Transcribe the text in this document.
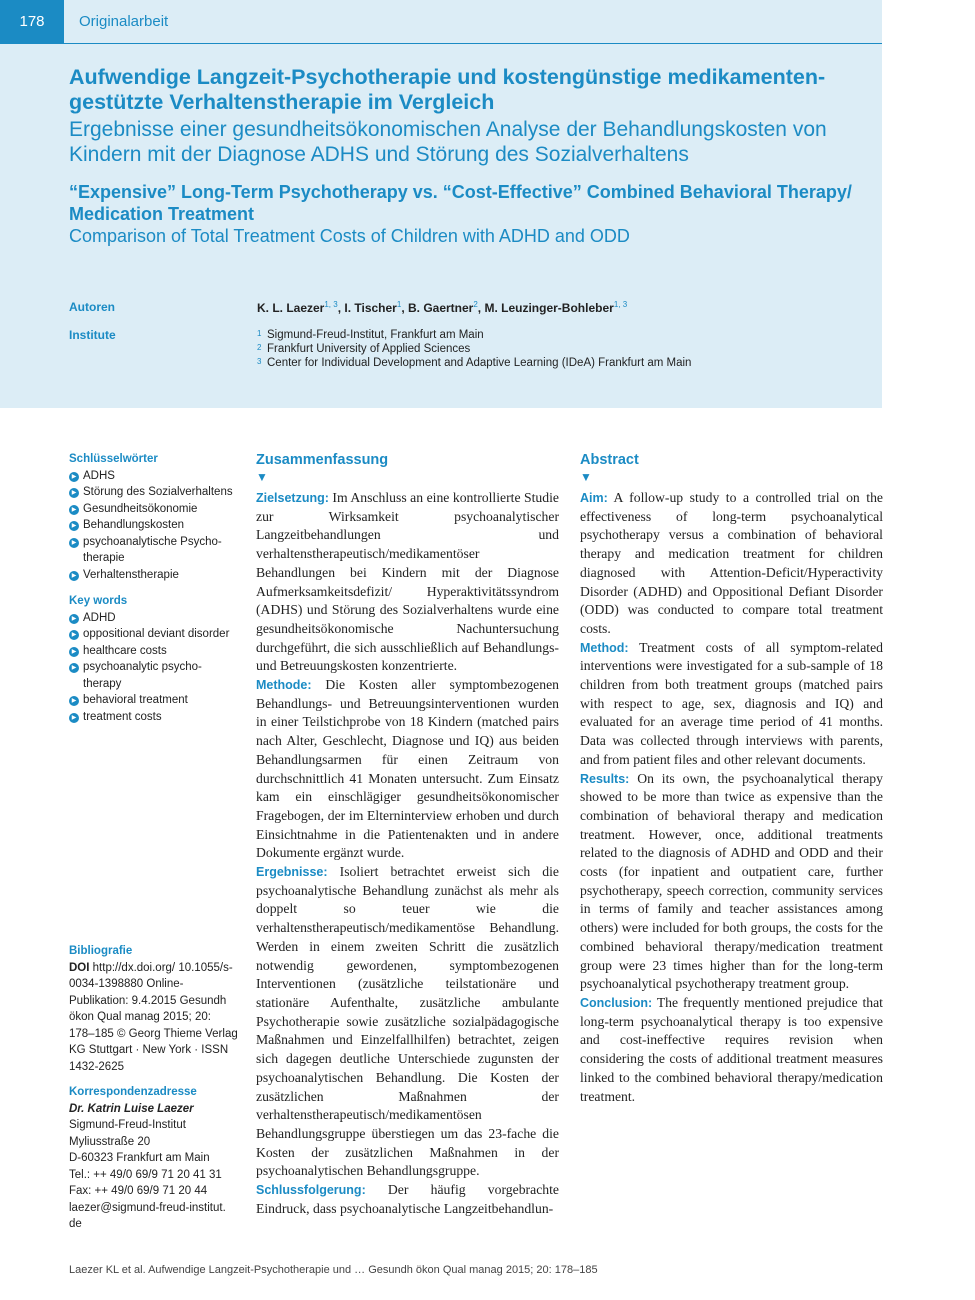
178	Originalarbeit
Aufwendige Langzeit-Psychotherapie und kostengünstige medikamenten-gestützte Verhaltenstherapie im Vergleich
Ergebnisse einer gesundheitsökonomischen Analyse der Behandlungskosten von Kindern mit der Diagnose ADHS und Störung des Sozialverhaltens
“Expensive” Long-Term Psychotherapy vs. “Cost-Effective” Combined Behavioral Therapy/ Medication Treatment
Comparison of Total Treatment Costs of Children with ADHD and ODD
Autoren	K. L. Laezer$^{1, 3}$, I. Tischer$^1$, B. Gaertner$^2$, M. Leuzinger-Bohleber$^{1, 3}$
Institute	1 Sigmund-Freud-Institut, Frankfurt am Main
2 Frankfurt University of Applied Sciences
3 Center for Individual Development and Adaptive Learning (IDeA) Frankfurt am Main
Schlüsselwörter
▶
ADHS
▶
Störung des Sozialverhaltens
▶
Gesundheitsökonomie
▶
Behandlungskosten
▶
psychoanalytische Psycho-therapie
▶
Verhaltenstherapie
Key words
▶
ADHD
▶
oppositional deviant disorder
▶
healthcare costs
▶
psychoanalytic psycho-therapy
▶
behavioral treatment
▶
treatment costs
Bibliografie
DOI http://dx.doi.org/ 10.1055/s-0034-1398880 Online-Publikation: 9.4.2015 Gesundh ökon Qual manag 2015; 20: 178–185 © Georg Thieme Verlag KG Stuttgart · New York · ISSN 1432-2625
Korrespondenzadresse
Dr. Katrin Luise Laezer
Sigmund-Freud-Institut
Myliusstraße 20
D-60323 Frankfurt am Main
Tel.: ++ 49/0 69/9 71 20 41 31
Fax: ++ 49/0 69/9 71 20 44
laezer@sigmund-freud-institut.
de
Zusammenfassung
▼

Zielsetzung: Im Anschluss an eine kontrollierte Studie zur Wirksamkeit psychoanalytischer Langzeitbehandlungen und verhaltenstherapeutisch/medikamentöser Behandlungen bei Kindern mit der Diagnose Aufmerksamkeitsdefizit/ Hyperaktivitätssyndrom (ADHS) und Störung des Sozialverhaltens wurde eine gesundheitsökonomische Nachuntersuchung durchgeführt, die sich ausschließlich auf Behandlungs- und Betreuungskosten konzentrierte.

Methode: Die Kosten aller symptombezogenen Behandlungs- und Betreuungsinterventionen wurden in einer Teilstichprobe von 18 Kindern (matched pairs nach Alter, Geschlecht, Diagnose und IQ) aus beiden Behandlungsarmen für einen Zeitraum von durchschnittlich 41 Monaten untersucht. Zum Einsatz kam ein einschlägiger gesundheitsökonomischer Fragebogen, der im Elterninterview erhoben und durch Einsichtnahme in die Patientenakten und in andere Dokumente ergänzt wurde.

Ergebnisse: Isoliert betrachtet erweist sich die psychoanalytische Behandlung zunächst als mehr als doppelt so teuer wie die verhaltenstherapeutisch/medikamentöse Behandlung. Werden in einem zweiten Schritt die zusätzlich notwendig gewordenen, symptombezogenen Interventionen (zusätzliche teilstationäre und stationäre Aufenthalte, zusätzliche ambulante Psychotherapie sowie zusätzliche sozialpädagogische Maßnahmen und Einzelfallhilfen) betrachtet, zeigen sich dagegen deutliche Unterschiede zugunsten der psychoanalytischen Behandlung. Die Kosten der zusätzlichen Maßnahmen der verhaltenstherapeutisch/medikamentösen Behandlungsgruppe überstiegen um das 23-fache die Kosten der zusätzlichen Maßnahmen in der psychoanalytischen Behandlungsgruppe.

Schlussfolgerung: Der häufig vorgebrachte Eindruck, dass psychoanalytische Langzeitbehandlun-

Abstract
▼

Aim: A follow-up study to a controlled trial on the effectiveness of long-term psychoanalytical psychotherapy versus a combination of behavioral therapy and medication treatment for children diagnosed with Attention-Deficit/Hyperactivity Disorder (ADHD) and Oppositional Defiant Disorder (ODD) was conducted to compare total treatment costs.

Method: Treatment costs of all symptom-related interventions were investigated for a sub-sample of 18 children from both treatment groups (matched pairs with respect to age, sex, diagnosis and IQ) and evaluated for an average time period of 41 months. Data was collected through interviews with parents, and from patient files and other relevant documents.

Results: On its own, the psychoanalytical therapy showed to be more than twice as expensive than the combination of behavioral therapy and medication treatment. However, once, additional treatments related to the diagnosis of ADHD and ODD and their costs (for inpatient and outpatient care, further psychotherapy, speech correction, community services in terms of family and teacher assistances among others) were included for both groups, the costs for the combined behavioral therapy/medication treatment group were 23 times higher than for the long-term psychoanalytical psychotherapy treatment group.

Conclusion: The frequently mentioned prejudice that long-term psychoanalytical therapy is too expensive and cost-ineffective requires revision when considering the costs of additional treatment measures linked to the combined behavioral therapy/medication treatment.

Laezer KL et al. Aufwendige Langzeit-Psychotherapie und … Gesundh ökon Qual manag 2015; 20: 178–185
